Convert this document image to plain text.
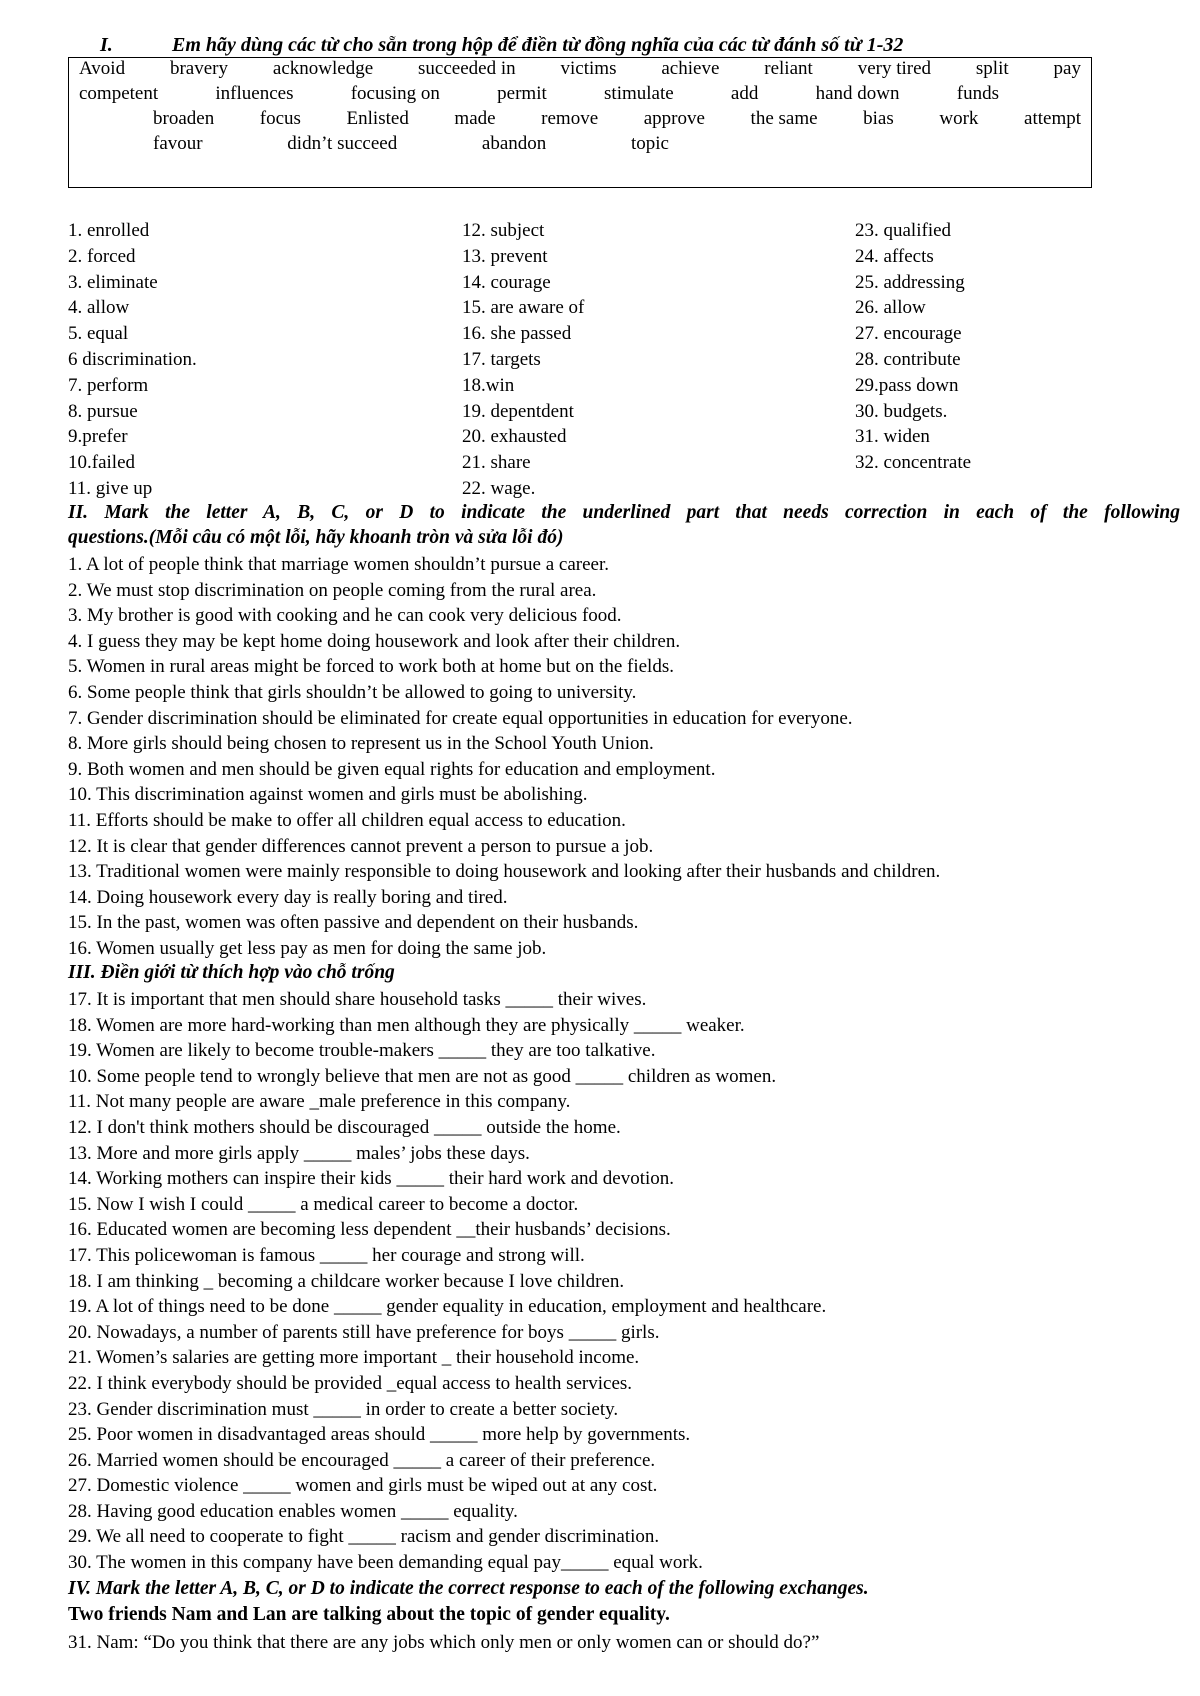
I.	Em hãy dùng các từ cho sẵn trong hộp để điền từ đồng nghĩa của các từ đánh số từ 1-32
Avoid bravery acknowledge succeeded in victims achieve reliant very tired split pay
competent	influences	focusing on	permit	stimulate	add	hand down	funds
broaden focus Enlisted made remove approve the same bias work attempt
favour	didn’t succeed	abandon	topic
1. enrolled
2. forced
3. eliminate
4. allow
5. equal
6 discrimination.
7. perform
8. pursue
9.prefer
10.failed
11. give up
12. subject
13. prevent
14. courage
15. are aware of
16. she passed
17. targets
18.win
19. depentdent
20. exhausted
21. share
22. wage.
23. qualified
24. affects
25. addressing
26. allow
27. encourage
28. contribute
29.pass down
30. budgets.
31. widen
32. concentrate
II. Mark the letter A, B, C, or D to indicate the underlined part that needs correction in each of the following
questions.(Mỗi câu có một lỗi, hãy khoanh tròn và sửa lỗi đó)
1. A lot of people think that marriage women shouldn’t pursue a career.
2. We must stop discrimination on people coming from the rural area.
3. My brother is good with cooking and he can cook very delicious food.
4. I guess they may be kept home doing housework and look after their children.
5. Women in rural areas might be forced to work both at home but on the fields.
6. Some people think that girls shouldn’t be allowed to going to university.
7. Gender discrimination should be eliminated for create equal opportunities in education for everyone.
8. More girls should being chosen to represent us in the School Youth Union.
9. Both women and men should be given equal rights for education and employment.
10. This discrimination against women and girls must be abolishing.
11. Efforts should be make to offer all children equal access to education.
12. It is clear that gender differences cannot prevent a person to pursue a job.
13. Traditional women were mainly responsible to doing housework and looking after their husbands and children.
14. Doing housework every day is really boring and tired.
15. In the past, women was often passive and dependent on their husbands.
16. Women usually get less pay as men for doing the same job.
III. Điền giới từ thích hợp vào chỗ trống
17. It is important that men should share household tasks _____ their wives.
18. Women are more hard-working than men although they are physically _____ weaker.
19. Women are likely to become trouble-makers _____ they are too talkative.
10. Some people tend to wrongly believe that men are not as good _____ children as women.
11. Not many people are aware _male preference in this company.
12. I don't think mothers should be discouraged _____ outside the home.
13. More and more girls apply _____ males’ jobs these days.
14. Working mothers can inspire their kids _____ their hard work and devotion.
15. Now I wish I could _____ a medical career to become a doctor.
16. Educated women are becoming less dependent __their husbands’ decisions.
17. This policewoman is famous _____ her courage and strong will.
18. I am thinking _ becoming a childcare worker because I love children.
19. A lot of things need to be done _____ gender equality in education, employment and healthcare.
20. Nowadays, a number of parents still have preference for boys _____ girls.
21. Women’s salaries are getting more important _ their household income.
22. I think everybody should be provided _equal access to health services.
23. Gender discrimination must _____ in order to create a better society.
25. Poor women in disadvantaged areas should _____ more help by governments.
26. Married women should be encouraged _____ a career of their preference.
27. Domestic violence _____ women and girls must be wiped out at any cost.
28. Having good education enables women _____ equality.
29. We all need to cooperate to fight _____ racism and gender discrimination.
30. The women in this company have been demanding equal pay_____ equal work.
IV. Mark the letter A, B, C, or D to indicate the correct response to each of the following exchanges.
Two friends Nam and Lan are talking about the topic of gender equality.
31. Nam: “Do you think that there are any jobs which only men or only women can or should do?”
